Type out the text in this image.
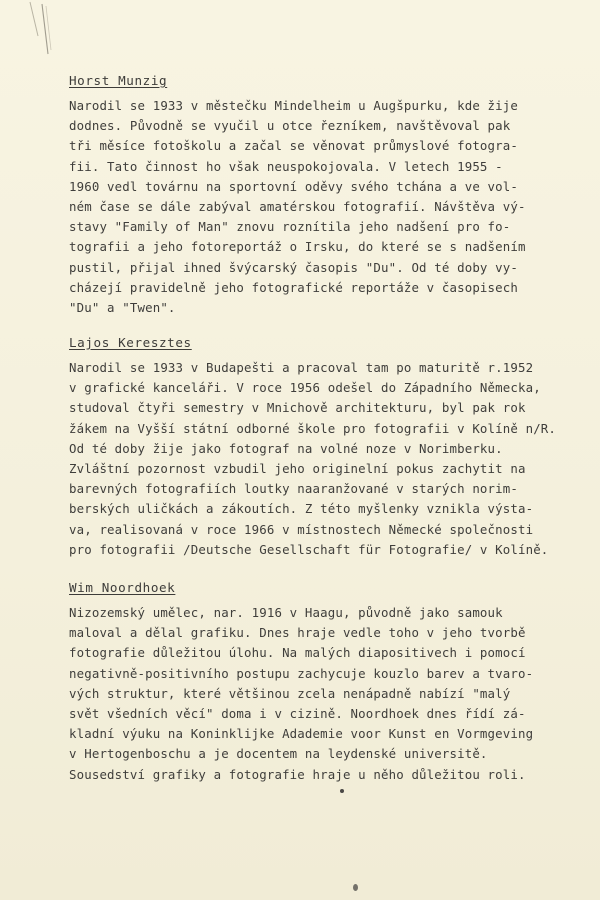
Horst Munzig
Narodil se 1933 v městečku Mindelheim u Augšpurku, kde žije
dodnes. Původně se vyučil u otce řezníkem, navštěvoval pak
tři měsíce fotoškolu a začal se věnovat průmyslové fotogra-
fii. Tato činnost ho však neuspokojovala. V letech 1955 -
1960 vedl továrnu na sportovní oděvy svého tchána a ve vol-
ném čase se dále zabýval amatérskou fotografií. Návštěva vý-
stavy "Family of Man" znovu roznítila jeho nadšení pro fo-
tografii a jeho fotoreportáž o Irsku, do které se s nadšením
pustil, přijal ihned švýcarský časopis "Du". Od té doby vy-
cházejí pravidelně jeho fotografické reportáže v časopisech
"Du" a "Twen".
Lajos Keresztes
Narodil se 1933 v Budapešti a pracoval tam po maturitě r.1952
v grafické kanceláři. V roce 1956 odešel do Západního Německa,
studoval čtyři semestry v Mnichově architekturu, byl pak rok
žákem na Vyšší státní odborné škole pro fotografii v Kolíně n/R.
Od té doby žije jako fotograf na volné noze v Norimberku.
Zvláštní pozornost vzbudil jeho originelní pokus zachytit na
barevných fotografiích loutky naaranžované v starých norim-
berských uličkách a zákoutích. Z této myšlenky vznikla výsta-
va, realisovaná v roce 1966 v místnostech Německé společnosti
pro fotografii /Deutsche Gesellschaft für Fotografie/ v Kolíně.
Wim Noordhoek
Nizozemský umělec, nar. 1916 v Haagu, původně jako samouk
maloval a dělal grafiku. Dnes hraje vedle toho v jeho tvorbě
fotografie důležitou úlohu. Na malých diapositivech i pomocí
negativně-positivního postupu zachycuje kouzlo barev a tvaro-
vých struktur, které většinou zcela nenápadně nabízí "malý
svět všedních věcí" doma i v cizině. Noordhoek dnes řídí zá-
kladní výuku na Koninklijke Adademie voor Kunst en Vormgeving
v Hertogenboschu a je docentem na leydenské universitě.
Sousedství grafiky a fotografie hraje u něho důležitou roli.
